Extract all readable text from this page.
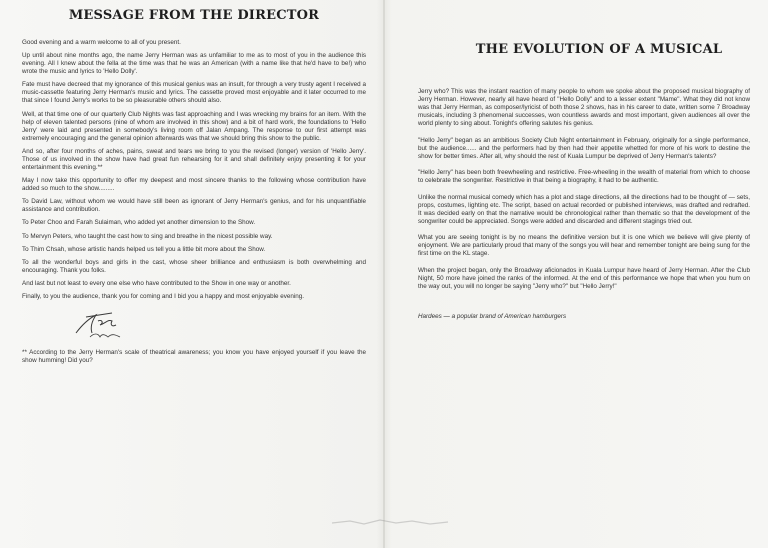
MESSAGE FROM THE DIRECTOR

Good evening and a warm welcome to all of you present.

Up until about nine months ago, the name Jerry Herman was as unfamiliar to me as to most of you in the audience this evening. All I knew about the fella at the time was that he was an American (with a name like that he'd have to be!) who wrote the music and lyrics to 'Hello Dolly'.

Fate must have decreed that my ignorance of this musical genius was an insult, for through a very trusty agent I received a music-cassette featuring Jerry Herman's music and lyrics. The cassette proved most enjoyable and it later occurred to me that since I found Jerry's works to be so pleasurable others should also.

Well, at that time one of our quarterly Club Nights was fast approaching and I was wrecking my brains for an item. With the help of eleven talented persons (nine of whom are involved in this show) and a bit of hard work, the foundations to 'Hello Jerry' were laid and presented in somebody's living room off Jalan Ampang. The response to our first attempt was extremely encouraging and the general opinion afterwards was that we should bring this show to the public.

And so, after four months of aches, pains, sweat and tears we bring to you the revised (longer) version of 'Hello Jerry'. Those of us involved in the show have had great fun rehearsing for it and shall definitely enjoy presenting it for your entertainment this evening.**

May I now take this opportunity to offer my deepest and most sincere thanks to the following whose contribution have added so much to the show.........

To David Law, without whom we would have still been as ignorant of Jerry Herman's genius, and for his unquantifiable assistance and contribution.

To Peter Choo and Farah Sulaiman, who added yet another dimension to the Show.

To Mervyn Peters, who taught the cast how to sing and breathe in the nicest possible way.

To Thim Chsah, whose artistic hands helped us tell you a little bit more about the Show.

To all the wonderful boys and girls in the cast, whose sheer brilliance and enthusiasm is both overwhelming and encouraging. Thank you folks.

And last but not least to every one else who have contributed to the Show in one way or another.

Finally, to you the audience, thank you for coming and I bid you a happy and most enjoyable evening.

** According to the Jerry Herman's scale of theatrical awareness; you know you have enjoyed yourself if you leave the show humming! Did you?

THE EVOLUTION OF A MUSICAL

Jerry who? This was the instant reaction of many people to whom we spoke about the proposed musical biography of Jerry Herman. However, nearly all have heard of "Hello Dolly" and to a lesser extent "Mame". What they did not know was that Jerry Herman, as composer/lyricist of both those 2 shows, has in his career to date, written some 7 Broadway musicals, including 3 phenomenal successes, won countless awards and most important, given audiences all over the world plenty to sing about. Tonight's offering salutes his genius.

"Hello Jerry" began as an ambitious Society Club Night entertainment in February, originally for a single performance, but the audience...... and the performers had by then had their appetite whetted for more of his work to destine the show for better times. After all, why should the rest of Kuala Lumpur be deprived of Jerry Herman's talents?

"Hello Jerry" has been both freewheeling and restrictive. Free-wheeling in the wealth of material from which to choose to celebrate the songwriter. Restrictive in that being a biography, it had to be authentic.

Unlike the normal musical comedy which has a plot and stage directions, all the directions had to be thought of — sets, props, costumes, lighting etc. The script, based on actual recorded or published interviews, was drafted and redrafted. It was decided early on that the narrative would be chronological rather than thematic so that the development of the songwriter could be appreciated. Songs were added and discarded and different stagings tried out.

What you are seeing tonight is by no means the definitive version but it is one which we believe will give plenty of enjoyment. We are particularly proud that many of the songs you will hear and remember tonight are being sung for the first time on the KL stage.

When the project began, only the Broadway aficionados in Kuala Lumpur have heard of Jerry Herman. After the Club Night, 50 more have joined the ranks of the informed. At the end of this performance we hope that when you hum on the way out, you will no longer be saying "Jerry who?" but "Hello Jerry!"

Hardees — a popular brand of American hamburgers
